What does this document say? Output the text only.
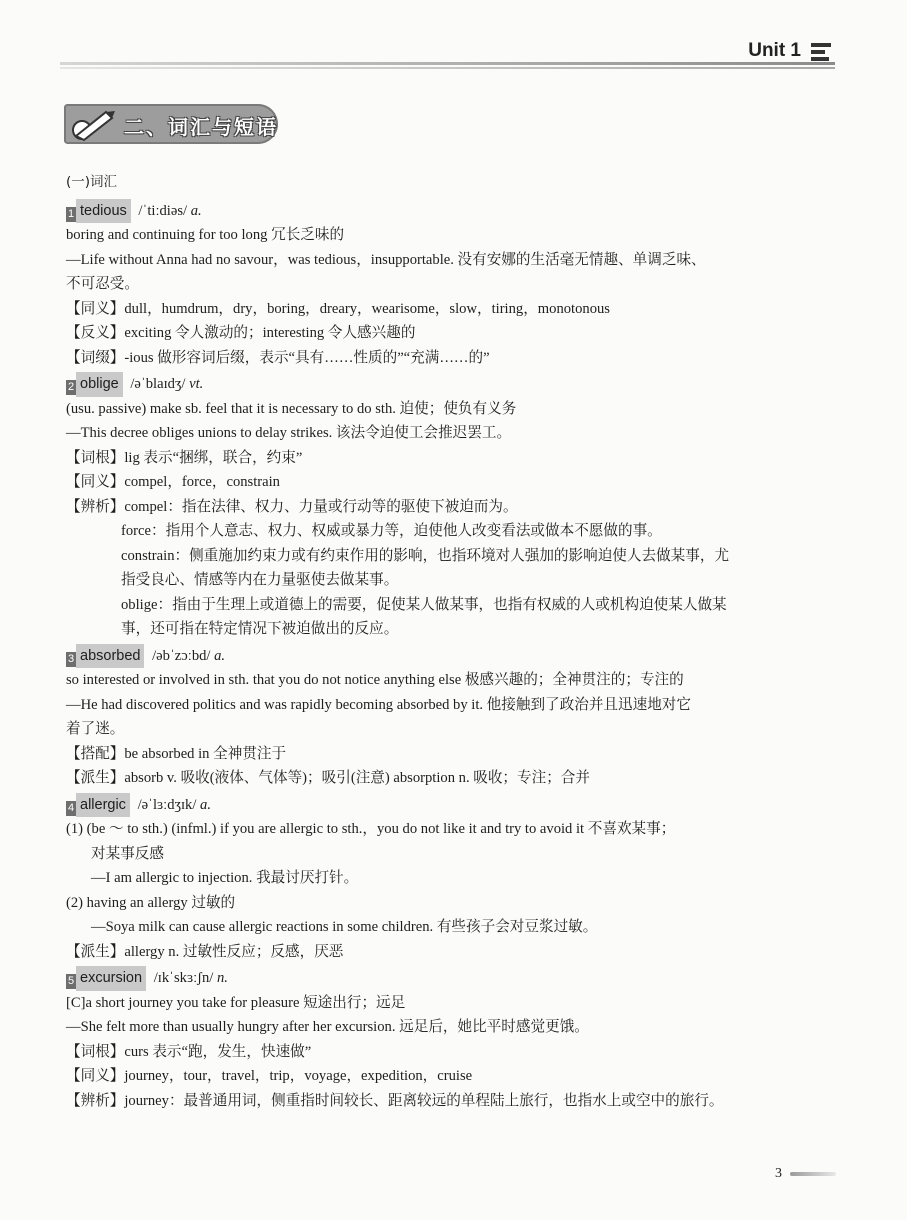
Unit 1
二、词汇与短语
(一)词汇
1 tedious /ˈtiːdiəs/ a.
boring and continuing for too long 冗长乏味的
—Life without Anna had no savour，was tedious，insupportable. 没有安娜的生活毫无情趣、单调乏味、
不可忍受。
【同义】dull，humdrum，dry，boring，dreary，wearisome，slow，tiring，monotonous
【反义】exciting 令人激动的；interesting 令人感兴趣的
【词缀】-ious 做形容词后缀，表示“具有……性质的”“充满……的”
2 oblige /əˈblaɪdʒ/ vt.
(usu. passive) make sb. feel that it is necessary to do sth. 迫使；使负有义务
—This decree obliges unions to delay strikes. 该法令迫使工会推迟罢工。
【词根】lig 表示“捆绑，联合，约束”
【同义】compel，force，constrain
【辨析】compel：指在法律、权力、力量或行动等的驱使下被迫而为。
force：指用个人意志、权力、权威或暴力等，迫使他人改变看法或做本不愿做的事。
constrain：侧重施加约束力或有约束作用的影响，也指环境对人强加的影响迫使人去做某事，尤
指受良心、情感等内在力量驱使去做某事。
oblige：指由于生理上或道德上的需要，促使某人做某事，也指有权威的人或机构迫使某人做某
事，还可指在特定情况下被迫做出的反应。
3 absorbed /əbˈzɔːbd/ a.
so interested or involved in sth. that you do not notice anything else 极感兴趣的；全神贯注的；专注的
—He had discovered politics and was rapidly becoming absorbed by it. 他接触到了政治并且迅速地对它
着了迷。
【搭配】be absorbed in 全神贯注于
【派生】absorb v. 吸收(液体、气体等)；吸引(注意) absorption n. 吸收；专注；合并
4 allergic /əˈlɜːdʒɪk/ a.
(1) (be ～ to sth.) (infml.) if you are allergic to sth.，you do not like it and try to avoid it 不喜欢某事；
对某事反感
—I am allergic to injection. 我最讨厌打针。
(2) having an allergy 过敏的
—Soya milk can cause allergic reactions in some children. 有些孩子会对豆浆过敏。
【派生】allergy n. 过敏性反应；反感，厌恶
5 excursion /ɪkˈskɜːʃn/ n.
[C]a short journey you take for pleasure 短途出行；远足
—She felt more than usually hungry after her excursion. 远足后，她比平时感觉更饿。
【词根】curs 表示“跑，发生，快速做”
【同义】journey，tour，travel，trip，voyage，expedition，cruise
【辨析】journey：最普通用词，侧重指时间较长、距离较远的单程陆上旅行，也指水上或空中的旅行。
3
